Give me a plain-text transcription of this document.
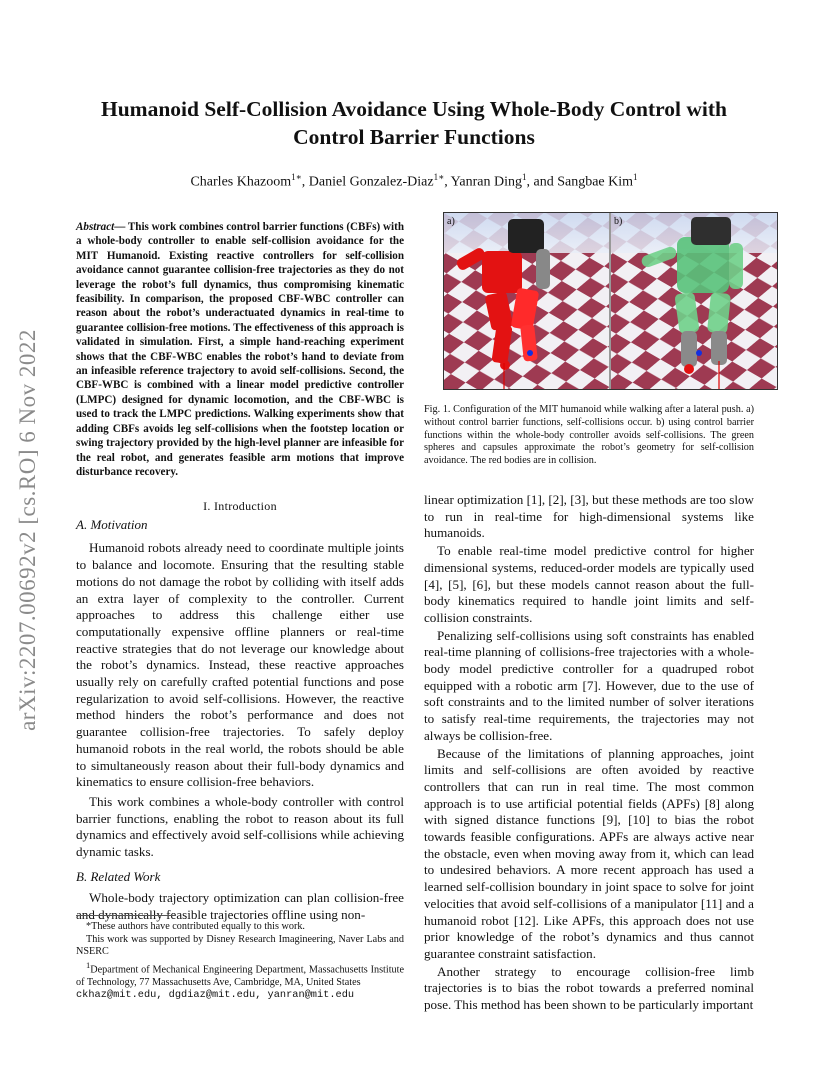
Humanoid Self-Collision Avoidance Using Whole-Body Control with
Control Barrier Functions
Charles Khazoom$^{1∗}$, Daniel Gonzalez-Diaz$^{1∗}$, Yanran Ding$^1$, and Sangbae Kim$^1$
arXiv:2207.00692v2 [cs.RO] 6 Nov 2022
Abstract— This work combines control barrier functions (CBFs) with a whole-body controller to enable self-collision avoidance for the MIT Humanoid. Existing reactive controllers for self-collision avoidance cannot guarantee collision-free trajectories as they do not leverage the robot’s full dynamics, thus compromising kinematic feasibility. In comparison, the proposed CBF-WBC controller can reason about the robot’s underactuated dynamics in real-time to guarantee collision-free motions. The effectiveness of this approach is validated in simulation. First, a simple hand-reaching experiment shows that the CBF-WBC enables the robot’s hand to deviate from an infeasible reference trajectory to avoid self-collisions. Second, the CBF-WBC is combined with a linear model predictive controller (LMPC) designed for dynamic locomotion, and the CBF-WBC is used to track the LMPC predictions. Walking experiments show that adding CBFs avoids leg self-collisions when the footstep location or swing trajectory provided by the high-level planner are infeasible for the real robot, and generates feasible arm motions that improve disturbance recovery.
I. Introduction
A. Motivation

Humanoid robots already need to coordinate multiple joints to balance and locomote. Ensuring that the resulting stable motions do not damage the robot by colliding with itself adds an extra layer of complexity to the controller. Current approaches to address this challenge either use computationally expensive offline planners or real-time reactive strategies that do not leverage our knowledge about the robot’s dynamics. Instead, these reactive approaches usually rely on carefully crafted potential functions and pose regularization to avoid self-collisions. However, the reactive method hinders the robot’s performance and does not guarantee collision-free trajectories. To safely deploy humanoid robots in the real world, the robots should be able to simultaneously reason about their full-body dynamics and kinematics to ensure collision-free behaviors.

This work combines a whole-body controller with control barrier functions, enabling the robot to reason about its full dynamics and effectively avoid self-collisions while achieving dynamic tasks.

B. Related Work

Whole-body trajectory optimization can plan collision-free and dynamically feasible trajectories offline using non-

*These authors have contributed equally to this work.
This work was supported by Disney Research Imagineering, Naver Labs and NSERC
$^1$Department of Mechanical Engineering Department, Massachusetts Institute of Technology, 77 Massachusetts Ave, Cambridge, MA, United States
ckhaz@mit.edu, dgdiaz@mit.edu, yanran@mit.edu
a)	b)
Fig. 1. Configuration of the MIT humanoid while walking after a lateral push. a) without control barrier functions, self-collisions occur. b) using control barrier functions within the whole-body controller avoids self-collisions. The green spheres and capsules approximate the robot’s geometry for self-collision avoidance. The red bodies are in collision.

linear optimization [1], [2], [3], but these methods are too slow to run in real-time for high-dimensional systems like humanoids.

To enable real-time model predictive control for higher dimensional systems, reduced-order models are typically used [4], [5], [6], but these models cannot reason about the full-body kinematics required to handle joint limits and self-collision constraints.

Penalizing self-collisions using soft constraints has enabled real-time planning of collisions-free trajectories with a whole-body model predictive controller for a quadruped robot equipped with a robotic arm [7]. However, due to the use of soft constraints and to the limited number of solver iterations to satisfy real-time requirements, the trajectories may not always be collision-free.

Because of the limitations of planning approaches, joint limits and self-collisions are often avoided by reactive controllers that can run in real time. The most common approach is to use artificial potential fields (APFs) [8] along with signed distance functions [9], [10] to bias the robot towards feasible configurations. APFs are always active near the obstacle, even when moving away from it, which can lead to undesired behaviors. A more recent approach has used a learned self-collision boundary in joint space to solve for joint velocities that avoid self-collisions of a manipulator [11] and a humanoid robot [12]. Like APFs, this approach does not use prior knowledge of the robot’s dynamics and thus cannot guarantee constraint satisfaction.

Another strategy to encourage collision-free limb trajectories is to bias the robot towards a preferred nominal pose. This method has been shown to be particularly important
